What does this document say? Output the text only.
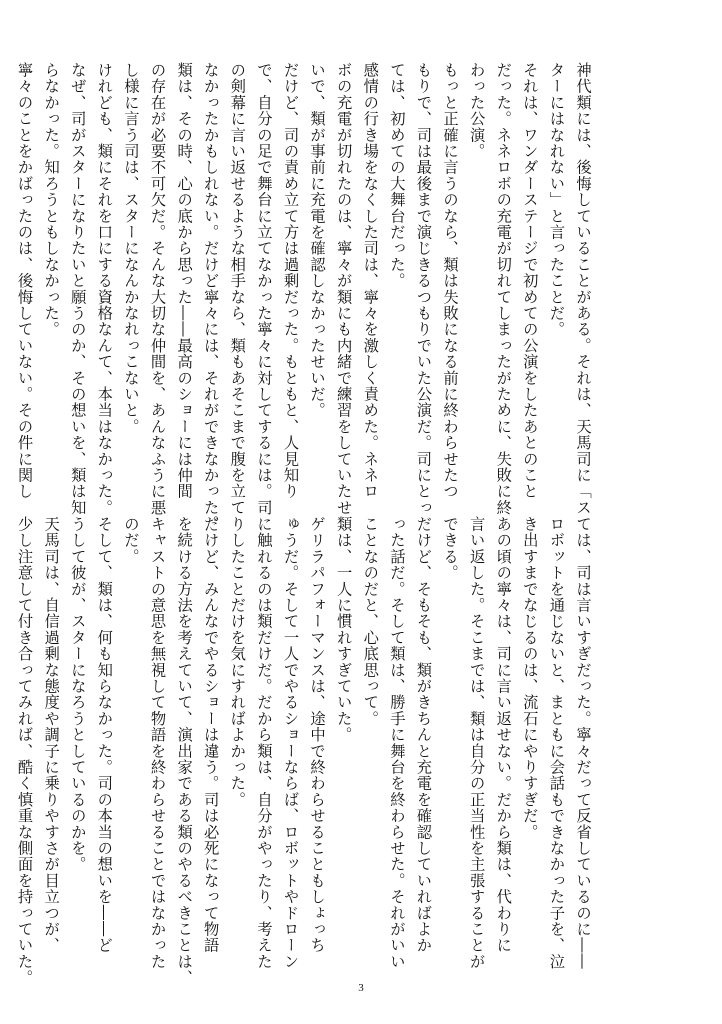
神代類には、後悔していることがある。それは、天馬司に「ス
ターにはなれない」と言ったことだ。
それは、ワンダーステージで初めての公演をしたあとのこと
だった。ネネロボの充電が切れてしまったがために、失敗に終
わった公演。
もっと正確に言うのなら、類は失敗になる前に終わらせたつ
もりで、司は最後まで演じきるつもりでいた公演だ。司にとっ
ては、初めての大舞台だった。
感情の行き場をなくした司は、寧々を激しく責めた。ネネロ
ボの充電が切れたのは、寧々が類にも内緒で練習をしていたせ
いで、類が事前に充電を確認しなかったせいだ。
だけど、司の責め立て方は過剰だった。もともと、人見知り
で、自分の足で舞台に立てなかった寧々に対してするには。司
の剣幕に言い返せるような相手なら、類もあそこまで腹を立て
なかったかもしれない。だけど寧々には、それができなかった。
類は、その時、心の底から思った――最高のショーには仲間
の存在が必要不可欠だ。そんな大切な仲間を、あんなふうに悪
し様に言う司は、スターになんかなれっこないと。
けれども、類にそれを口にする資格なんて、本当はなかった。
なぜ、司がスターになりたいと願うのか、その想いを、類は知
らなかった。知ろうともしなかった。
寧々のことをかばったのは、後悔していない。その件に関し
ては、司は言いすぎだった。寧々だって反省しているのに――
ロボットを通じないと、まともに会話もできなかった子を、泣
き出すまでなじるのは、流石にやりすぎだ。
あの頃の寧々は、司に言い返せない。だから類は、代わりに
言い返した。そこまでは、類は自分の正当性を主張することが
できる。
だけど、そもそも、類がきちんと充電を確認していればよか
った話だ。そして類は、勝手に舞台を終わらせた。それがいい
ことなのだと、心底思って。
類は、一人に慣れすぎていた。
ゲリラパフォーマンスは、途中で終わらせることもしょっち
ゅうだ。そして一人でやるショーならば、ロボットやドローン
に触れるのは類だけだ。だから類は、自分がやったり、考えた
りしたことだけを気にすればよかった。
だけど、みんなでやるショーは違う。司は必死になって物語
を続ける方法を考えていて、演出家である類のやるべきことは、
キャストの意思を無視して物語を終わらせることではなかった
のだ。
そして、類は、何も知らなかった。司の本当の想いを――ど
うして彼が、スターになろうとしているのかを。
天馬司は、自信過剰な態度や調子に乗りやすさが目立つが、
少し注意して付き合ってみれば、酷く慎重な側面を持っていた。
3
